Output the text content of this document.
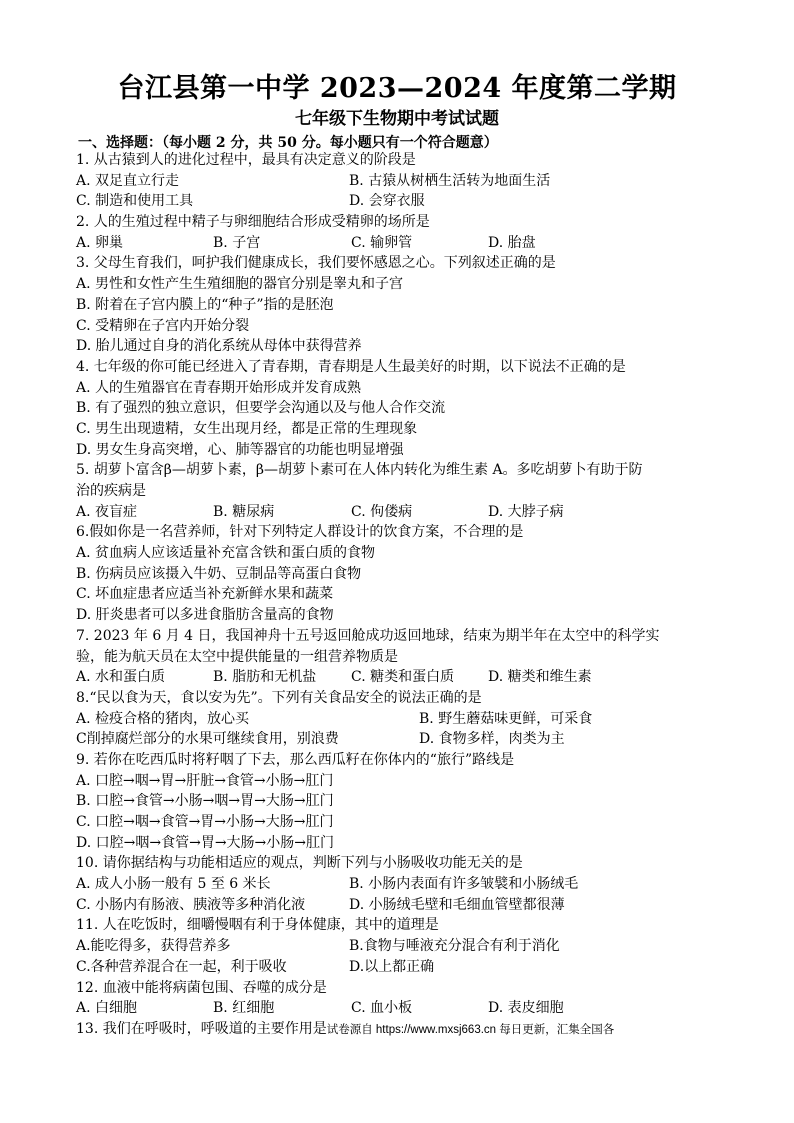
台江县第一中学 2023—2024 年度第二学期
七年级下生物期中考试试题
一、选择题：（每小题 2 分，共 50 分。每小题只有一个符合题意）
1. 从古猿到人的进化过程中，最具有决定意义的阶段是
A. 双足直立行走	B. 古猿从树栖生活转为地面生活
C. 制造和使用工具	D. 会穿衣服
2. 人的生殖过程中精子与卵细胞结合形成受精卵的场所是
A. 卵巢	B. 子宫	C. 输卵管	D. 胎盘
3. 父母生育我们，呵护我们健康成长，我们要怀感恩之心。下列叙述正确的是
A. 男性和女性产生生殖细胞的器官分别是睾丸和子宫
B. 附着在子宫内膜上的“种子”指的是胚泡
C. 受精卵在子宫内开始分裂
D. 胎儿通过自身的消化系统从母体中获得营养
4. 七年级的你可能已经进入了青春期，青春期是人生最美好的时期，以下说法不正确的是
A. 人的生殖器官在青春期开始形成并发育成熟
B. 有了强烈的独立意识，但要学会沟通以及与他人合作交流
C. 男生出现遗精，女生出现月经，都是正常的生理现象
D. 男女生身高突增，心、肺等器官的功能也明显增强
5. 胡萝卜富含β—胡萝卜素，β—胡萝卜素可在人体内转化为维生素 A。多吃胡萝卜有助于防
治的疾病是
A. 夜盲症	B. 糖尿病	C. 佝偻病	D. 大脖子病
6.假如你是一名营养师，针对下列特定人群设计的饮食方案，不合理的是
A. 贫血病人应该适量补充富含铁和蛋白质的食物
B. 伤病员应该摄入牛奶、豆制品等高蛋白食物
C. 坏血症患者应适当补充新鲜水果和蔬菜
D. 肝炎患者可以多进食脂肪含量高的食物
7. 2023 年 6 月 4 日，我国神舟十五号返回舱成功返回地球，结束为期半年在太空中的科学实
验，能为航天员在太空中提供能量的一组营养物质是
A. 水和蛋白质	B. 脂肪和无机盐 C. 糖类和蛋白质 D. 糖类和维生素
8.“民以食为天，食以安为先”。下列有关食品安全的说法正确的是
A. 检疫合格的猪肉，放心买	B. 野生蘑菇味更鲜，可采食
C削掉腐烂部分的水果可继续食用，别浪费	D. 食物多样，肉类为主
9. 若你在吃西瓜时将籽咽了下去，那么西瓜籽在你体内的“旅行”路线是
A. 口腔→咽→胃→肝脏→食管→小肠→肛门
B. 口腔→食管→小肠→咽→胃→大肠→肛门
C. 口腔→咽→食管→胃→小肠→大肠→肛门
D. 口腔→咽→食管→胃→大肠→小肠→肛门
10. 请你据结构与功能相适应的观点，判断下列与小肠吸收功能无关的是
A. 成人小肠一般有 5 至 6 米长	B. 小肠内表面有许多皱襞和小肠绒毛
C. 小肠内有肠液、胰液等多种消化液	D. 小肠绒毛壁和毛细血管壁都很薄
11. 人在吃饭时，细嚼慢咽有利于身体健康，其中的道理是
A.能吃得多，获得营养多	B.食物与唾液充分混合有利于消化
C.各种营养混合在一起，利于吸收	D.以上都正确
12. 血液中能将病菌包围、吞噬的成分是
A. 白细胞	B. 红细胞	C. 血小板	D. 表皮细胞
13. 我们在呼吸时，呼吸道的主要作用是试卷源自 https://www.mxsj663.cn 每日更新，汇集全国各
